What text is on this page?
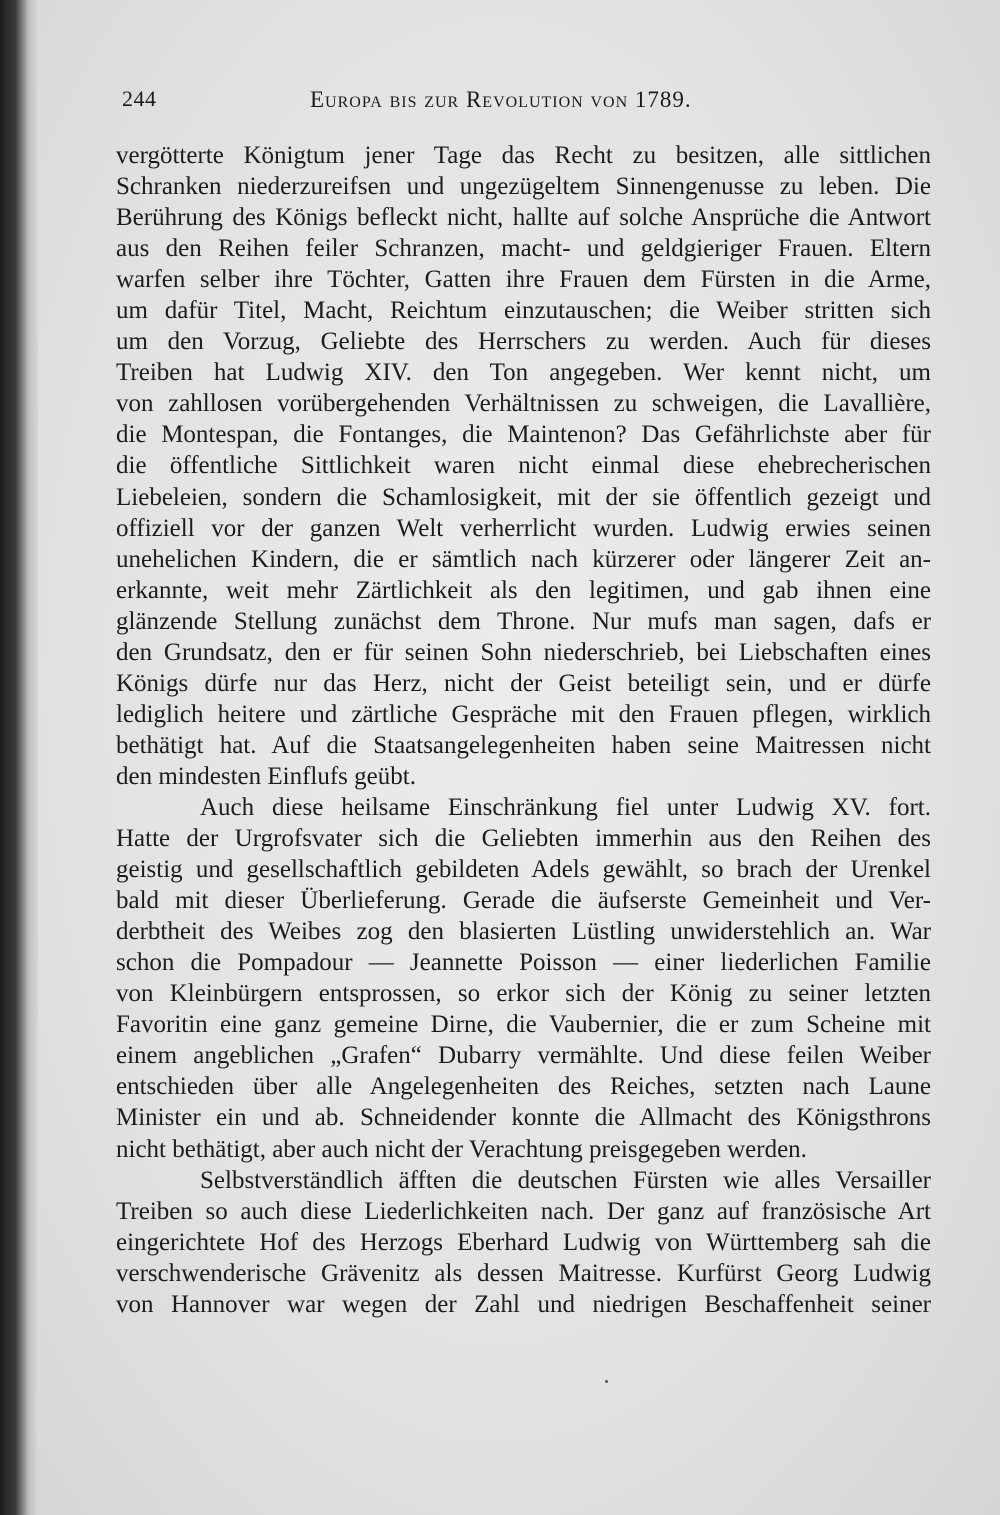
244	Europa bis zur Revolution von 1789.
vergötterte Königtum jener Tage das Recht zu besitzen, alle sittlichen
Schranken niederzureifsen und ungezügeltem Sinnengenusse zu leben. Die
Berührung des Königs befleckt nicht, hallte auf solche Ansprüche die Antwort
aus den Reihen feiler Schranzen, macht- und geldgieriger Frauen. Eltern
warfen selber ihre Töchter, Gatten ihre Frauen dem Fürsten in die Arme,
um dafür Titel, Macht, Reichtum einzutauschen; die Weiber stritten sich
um den Vorzug, Geliebte des Herrschers zu werden. Auch für dieses
Treiben hat Ludwig XIV. den Ton angegeben. Wer kennt nicht, um
von zahllosen vorübergehenden Verhältnissen zu schweigen, die Lavallière,
die Montespan, die Fontanges, die Maintenon? Das Gefährlichste aber für
die öffentliche Sittlichkeit waren nicht einmal diese ehebrecherischen
Liebeleien, sondern die Schamlosigkeit, mit der sie öffentlich gezeigt und
offiziell vor der ganzen Welt verherrlicht wurden. Ludwig erwies seinen
unehelichen Kindern, die er sämtlich nach kürzerer oder längerer Zeit an-
erkannte, weit mehr Zärtlichkeit als den legitimen, und gab ihnen eine
glänzende Stellung zunächst dem Throne. Nur mufs man sagen, dafs er
den Grundsatz, den er für seinen Sohn niederschrieb, bei Liebschaften eines
Königs dürfe nur das Herz, nicht der Geist beteiligt sein, und er dürfe
lediglich heitere und zärtliche Gespräche mit den Frauen pflegen, wirklich
bethätigt hat. Auf die Staatsangelegenheiten haben seine Maitressen nicht
den mindesten Einflufs geübt.
Auch diese heilsame Einschränkung fiel unter Ludwig XV. fort.
Hatte der Urgrofsvater sich die Geliebten immerhin aus den Reihen des
geistig und gesellschaftlich gebildeten Adels gewählt, so brach der Urenkel
bald mit dieser Überlieferung. Gerade die äufserste Gemeinheit und Ver-
derbtheit des Weibes zog den blasierten Lüstling unwiderstehlich an. War
schon die Pompadour — Jeannette Poisson — einer liederlichen Familie
von Kleinbürgern entsprossen, so erkor sich der König zu seiner letzten
Favoritin eine ganz gemeine Dirne, die Vaubernier, die er zum Scheine mit
einem angeblichen „Grafen“ Dubarry vermählte. Und diese feilen Weiber
entschieden über alle Angelegenheiten des Reiches, setzten nach Laune
Minister ein und ab. Schneidender konnte die Allmacht des Königsthrons
nicht bethätigt, aber auch nicht der Verachtung preisgegeben werden.
Selbstverständlich äfften die deutschen Fürsten wie alles Versailler
Treiben so auch diese Liederlichkeiten nach. Der ganz auf französische Art
eingerichtete Hof des Herzogs Eberhard Ludwig von Württemberg sah die
verschwenderische Grävenitz als dessen Maitresse. Kurfürst Georg Ludwig
von Hannover war wegen der Zahl und niedrigen Beschaffenheit seiner
